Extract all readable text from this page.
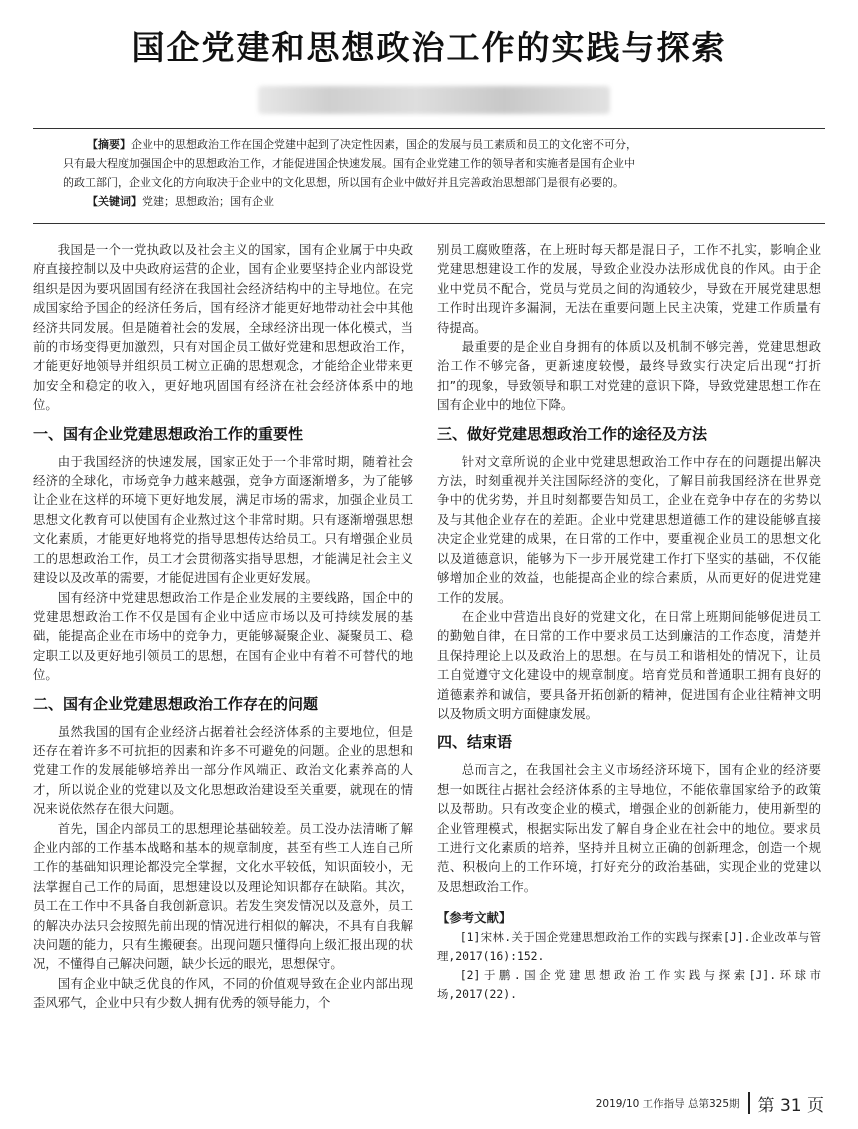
国企党建和思想政治工作的实践与探索
【摘要】企业中的思想政治工作在国企党建中起到了决定性因素，国企的发展与员工素质和员工的文化密不可分，
只有最大程度加强国企中的思想政治工作，才能促进国企快速发展。国有企业党建工作的领导者和实施者是国有企业中
的政工部门，企业文化的方向取决于企业中的文化思想，所以国有企业中做好并且完善政治思想部门是很有必要的。
【关键词】党建；思想政治；国有企业

我国是一个一党执政以及社会主义的国家，国有企业属于中央政府直接控制以及中央政府运营的企业，国有企业要坚持企业内部设党组织是因为要巩固国有经济在我国社会经济结构中的主导地位。在完成国家给予国企的经济任务后，国有经济才能更好地带动社会中其他经济共同发展。但是随着社会的发展，全球经济出现一体化模式，当前的市场变得更加激烈，只有对国企员工做好党建和思想政治工作，才能更好地领导并组织员工树立正确的思想观念，才能给企业带来更加安全和稳定的收入，更好地巩固国有经济在社会经济体系中的地位。

一、国有企业党建思想政治工作的重要性

由于我国经济的快速发展，国家正处于一个非常时期，随着社会经济的全球化，市场竞争力越来越强，竞争方面逐渐增多，为了能够让企业在这样的环境下更好地发展，满足市场的需求，加强企业员工思想文化教育可以使国有企业熬过这个非常时期。只有逐渐增强思想文化素质，才能更好地将党的指导思想传达给员工。只有增强企业员工的思想政治工作，员工才会贯彻落实指导思想，才能满足社会主义建设以及改革的需要，才能促进国有企业更好发展。

国有经济中党建思想政治工作是企业发展的主要线路，国企中的党建思想政治工作不仅是国有企业中适应市场以及可持续发展的基础，能提高企业在市场中的竞争力，更能够凝聚企业、凝聚员工、稳定职工以及更好地引领员工的思想，在国有企业中有着不可替代的地位。

二、国有企业党建思想政治工作存在的问题

虽然我国的国有企业经济占据着社会经济体系的主要地位，但是还存在着许多不可抗拒的因素和许多不可避免的问题。企业的思想和党建工作的发展能够培养出一部分作风端正、政治文化素养高的人才，所以说企业的党建以及文化思想政治建设至关重要，就现在的情况来说依然存在很大问题。

首先，国企内部员工的思想理论基础较差。员工没办法清晰了解企业内部的工作基本战略和基本的规章制度，甚至有些工人连自己所工作的基础知识理论都没完全掌握，文化水平较低，知识面较小，无法掌握自己工作的局面，思想建设以及理论知识都存在缺陷。其次，员工在工作中不具备自我创新意识。若发生突发情况以及意外，员工的解决办法只会按照先前出现的情况进行相似的解决，不具有自我解决问题的能力，只有生搬硬套。出现问题只懂得向上级汇报出现的状况，不懂得自己解决问题，缺少长远的眼光，思想保守。

国有企业中缺乏优良的作风，不同的价值观导致在企业内部出现歪风邪气，企业中只有少数人拥有优秀的领导能力，个

别员工腐败堕落，在上班时每天都是混日子，工作不扎实，影响企业党建思想建设工作的发展，导致企业没办法形成优良的作风。由于企业中党员不配合，党员与党员之间的沟通较少，导致在开展党建思想工作时出现许多漏洞，无法在重要问题上民主决策，党建工作质量有待提高。

最重要的是企业自身拥有的体质以及机制不够完善，党建思想政治工作不够完备，更新速度较慢，最终导致实行决定后出现“打折扣”的现象，导致领导和职工对党建的意识下降，导致党建思想工作在国有企业中的地位下降。

三、做好党建思想政治工作的途径及方法

针对文章所说的企业中党建思想政治工作中存在的问题提出解决方法，时刻重视并关注国际经济的变化，了解目前我国经济在世界竞争中的优劣势，并且时刻都要告知员工，企业在竞争中存在的劣势以及与其他企业存在的差距。企业中党建思想道德工作的建设能够直接决定企业党建的成果，在日常的工作中，要重视企业员工的思想文化以及道德意识，能够为下一步开展党建工作打下坚实的基础，不仅能够增加企业的效益，也能提高企业的综合素质，从而更好的促进党建工作的发展。

在企业中营造出良好的党建文化，在日常上班期间能够促进员工的勤勉自律，在日常的工作中要求员工达到廉洁的工作态度，清楚并且保持理论上以及政治上的思想。在与员工和谐相处的情况下，让员工自觉遵守文化建设中的规章制度。培育党员和普通职工拥有良好的道德素养和诚信，要具备开拓创新的精神，促进国有企业往精神文明以及物质文明方面健康发展。

四、结束语

总而言之，在我国社会主义市场经济环境下，国有企业的经济要想一如既往占据社会经济体系的主导地位，不能依靠国家给予的政策以及帮助。只有改变企业的模式，增强企业的创新能力，使用新型的企业管理模式，根据实际出发了解自身企业在社会中的地位。要求员工进行文化素质的培养，坚持并且树立正确的创新理念，创造一个规范、积极向上的工作环境，打好充分的政治基础，实现企业的党建以及思想政治工作。

【参考文献】

[1]宋林.关于国企党建思想政治工作的实践与探索[J].企业改革与管理,2017(16):152.

[2]于鹏.国企党建思想政治工作实践与探索[J].环球市场,2017(22).

2019/10 工作指导 总第325期 第 31 页
